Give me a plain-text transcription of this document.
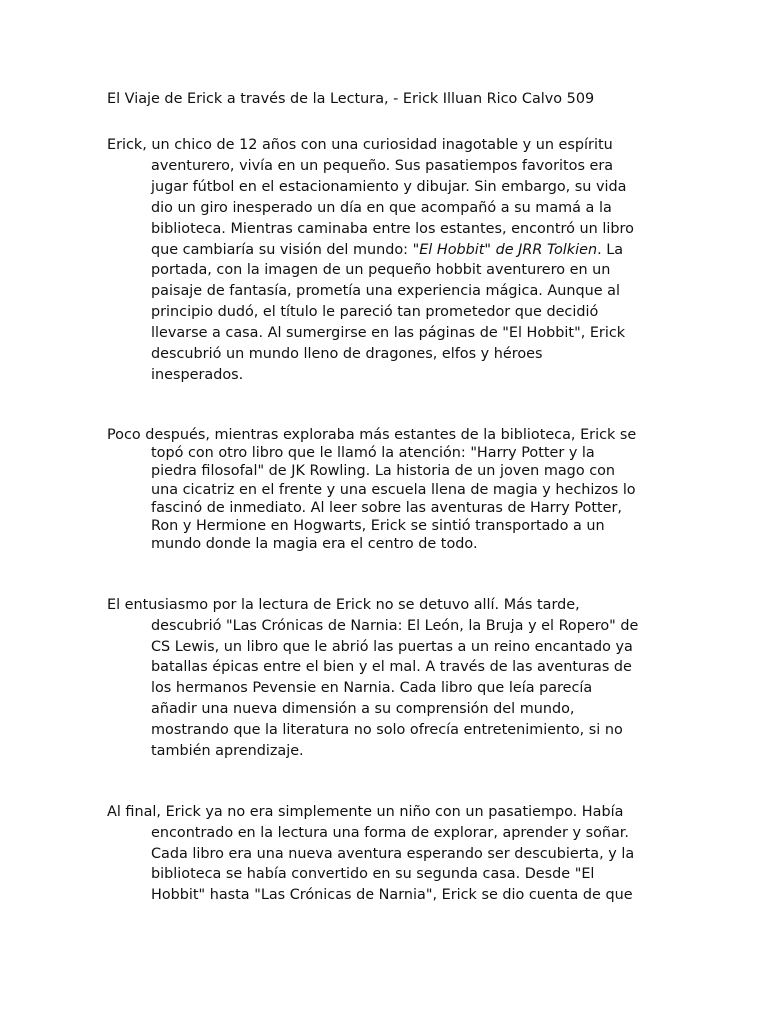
El Viaje de Erick a través de la Lectura, - Erick Illuan Rico Calvo 509
Erick, un chico de 12 años con una curiosidad inagotable y un espíritu
aventurero, vivía en un pequeño. Sus pasatiempos favoritos era
jugar fútbol en el estacionamiento y dibujar. Sin embargo, su vida
dio un giro inesperado un día en que acompañó a su mamá a la
biblioteca. Mientras caminaba entre los estantes, encontró un libro
que cambiaría su visión del mundo: "El Hobbit" de JRR Tolkien. La
portada, con la imagen de un pequeño hobbit aventurero en un
paisaje de fantasía, prometía una experiencia mágica. Aunque al
principio dudó, el título le pareció tan prometedor que decidió
llevarse a casa. Al sumergirse en las páginas de "El Hobbit", Erick
descubrió un mundo lleno de dragones, elfos y héroes
inesperados.
Poco después, mientras exploraba más estantes de la biblioteca, Erick se
topó con otro libro que le llamó la atención: "Harry Potter y la
piedra filosofal" de JK Rowling. La historia de un joven mago con
una cicatriz en el frente y una escuela llena de magia y hechizos lo
fascinó de inmediato. Al leer sobre las aventuras de Harry Potter,
Ron y Hermione en Hogwarts, Erick se sintió transportado a un
mundo donde la magia era el centro de todo.
El entusiasmo por la lectura de Erick no se detuvo allí. Más tarde,
descubrió "Las Crónicas de Narnia: El León, la Bruja y el Ropero" de
CS Lewis, un libro que le abrió las puertas a un reino encantado ya
batallas épicas entre el bien y el mal. A través de las aventuras de
los hermanos Pevensie en Narnia. Cada libro que leía parecía
añadir una nueva dimensión a su comprensión del mundo,
mostrando que la literatura no solo ofrecía entretenimiento, si no
también aprendizaje.
Al final, Erick ya no era simplemente un niño con un pasatiempo. Había
encontrado en la lectura una forma de explorar, aprender y soñar.
Cada libro era una nueva aventura esperando ser descubierta, y la
biblioteca se había convertido en su segunda casa. Desde "El
Hobbit" hasta "Las Crónicas de Narnia", Erick se dio cuenta de que
